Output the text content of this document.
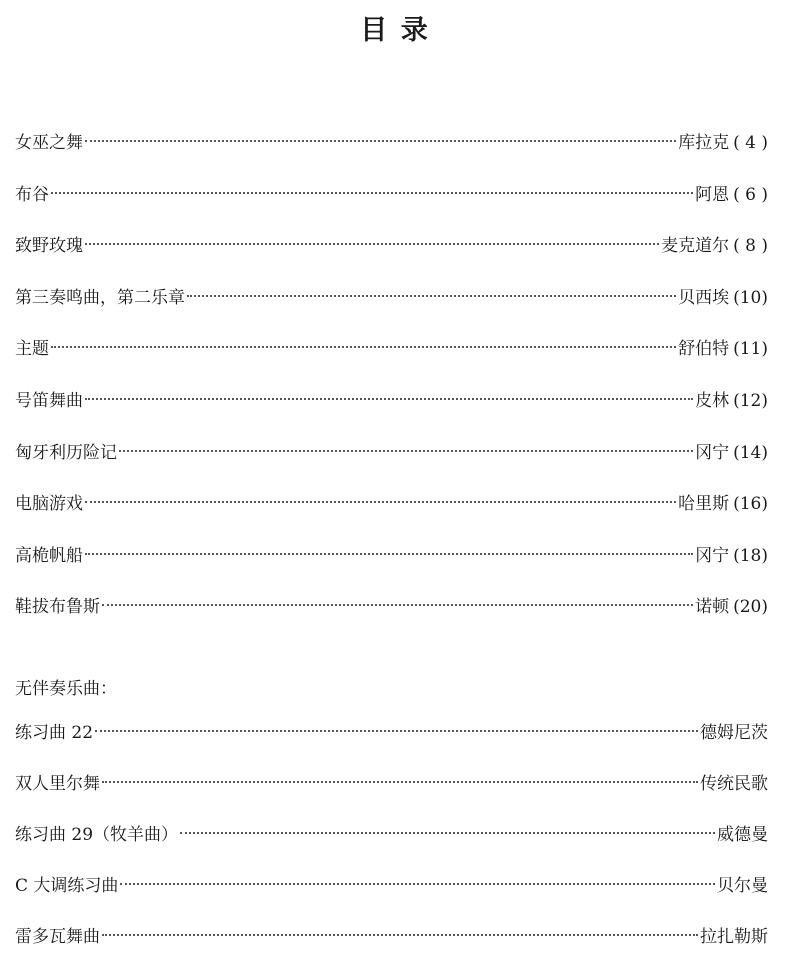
目 录
女巫之舞	库拉克 ( 4 )
布谷	阿恩 ( 6 )
致野玫瑰	麦克道尔 ( 8 )
第三奏鸣曲，第二乐章	贝西埃 (10)
主题	舒伯特 (11)
号笛舞曲	皮林 (12)
匈牙利历险记	冈宁 (14)
电脑游戏	哈里斯 (16)
高桅帆船	冈宁 (18)
鞋拔布鲁斯	诺顿 (20)
无伴奏乐曲：
练习曲 22	德姆尼茨
双人里尔舞	传统民歌
练习曲 29（牧羊曲）	威德曼
C 大调练习曲	贝尔曼
雷多瓦舞曲	拉扎勒斯
